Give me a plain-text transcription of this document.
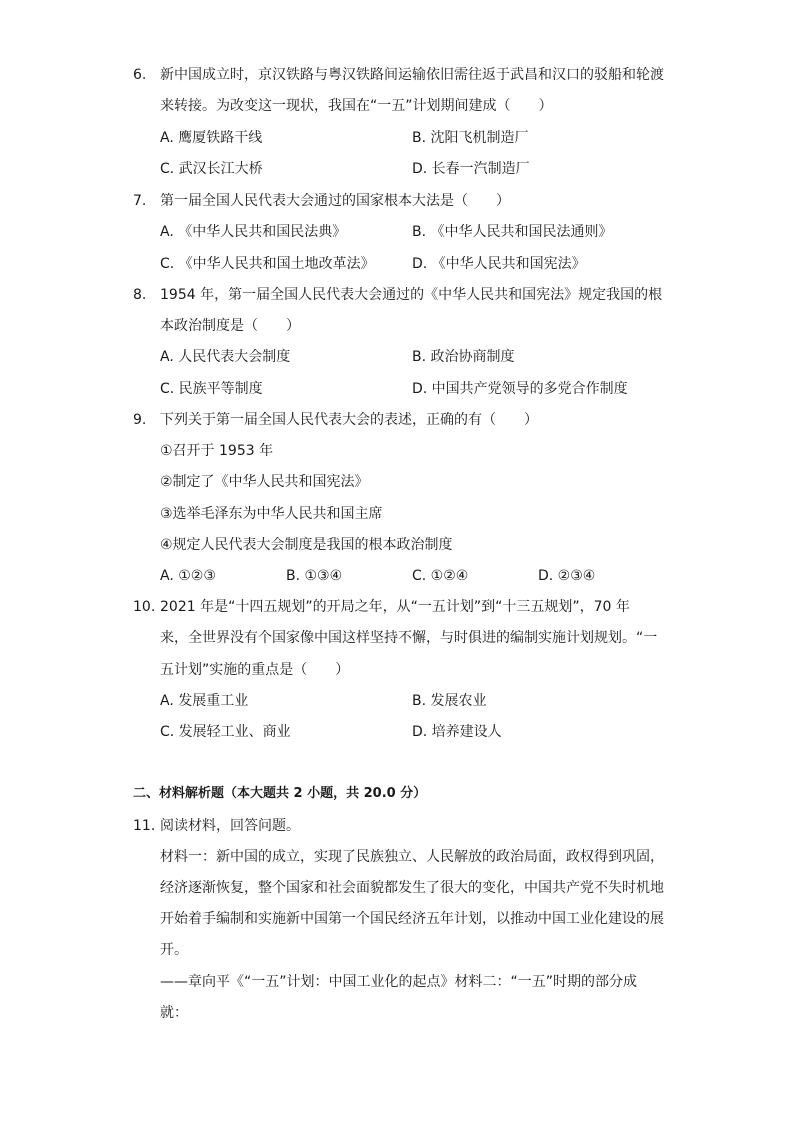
6. 新中国成立时，京汉铁路与粤汉铁路间运输依旧需往返于武昌和汉口的驳船和轮渡
来转接。为改变这一现状，我国在“一五”计划期间建成（　　）
A. 鹰厦铁路干线	B. 沈阳飞机制造厂
C. 武汉长江大桥	D. 长春一汽制造厂
7. 第一届全国人民代表大会通过的国家根本大法是（　　）
A. 《中华人民共和国民法典》	B. 《中华人民共和国民法通则》
C. 《中华人民共和国土地改革法》	D. 《中华人民共和国宪法》
8. 1954 年，第一届全国人民代表大会通过的《中华人民共和国宪法》规定我国的根
本政治制度是（　　）
A. 人民代表大会制度	B. 政治协商制度
C. 民族平等制度	D. 中国共产党领导的多党合作制度
9. 下列关于第一届全国人民代表大会的表述，正确的有（　　）
①召开于 1953 年
②制定了《中华人民共和国宪法》
③选举毛泽东为中华人民共和国主席
④规定人民代表大会制度是我国的根本政治制度
A. ①②③	B. ①③④	C. ①②④	D. ②③④
10. 2021 年是“十四五规划”的开局之年，从“一五计划”到“十三五规划”，70 年
来，全世界没有个国家像中国这样坚持不懈，与时俱进的编制实施计划规划。“一
五计划”实施的重点是（　　）
A. 发展重工业	B. 发展农业
C. 发展轻工业、商业	D. 培养建设人
二、材料解析题（本大题共 2 小题，共 20.0 分）
11. 阅读材料，回答问题。
材料一：新中国的成立，实现了民族独立、人民解放的政治局面，政权得到巩固，
经济逐渐恢复，整个国家和社会面貌都发生了很大的变化，中国共产党不失时机地
开始着手编制和实施新中国第一个国民经济五年计划，以推动中国工业化建设的展
开。
——章向平《“一五”计划：中国工业化的起点》材料二：“一五”时期的部分成
就：
